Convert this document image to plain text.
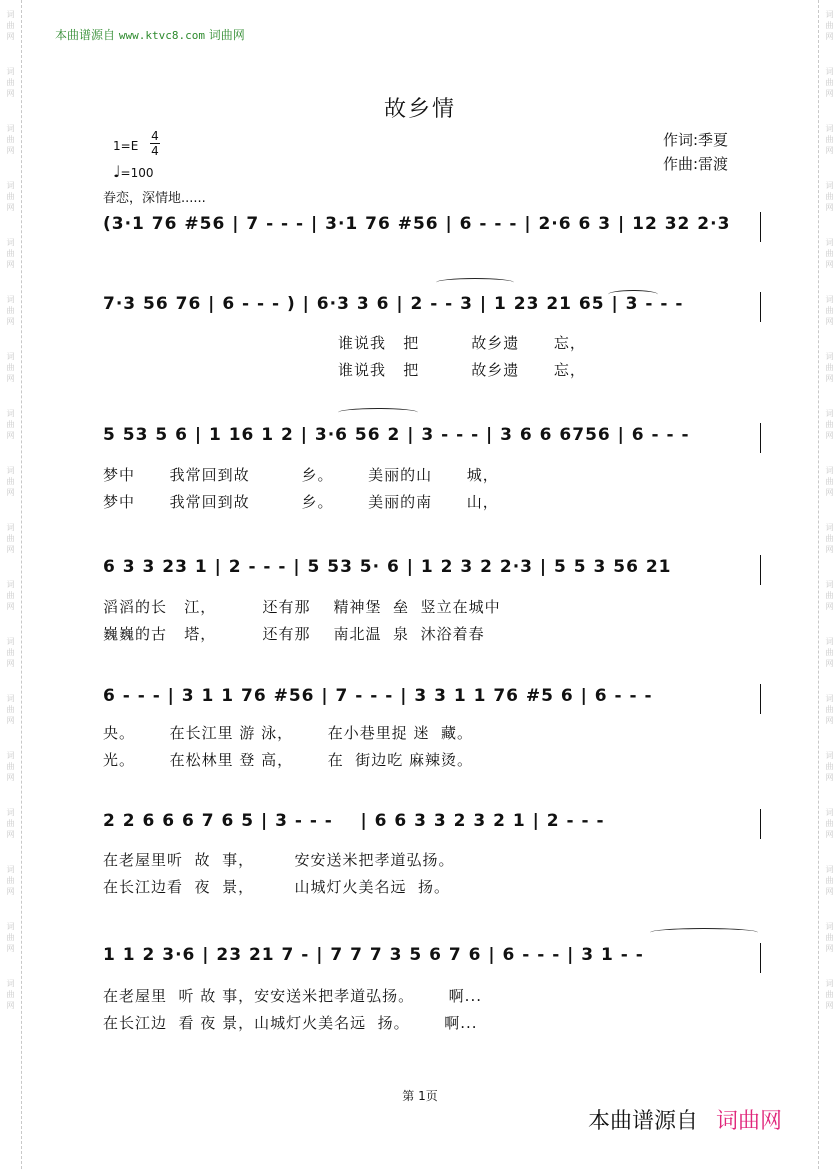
词
曲
网
词
曲
网
词
曲
网
词
曲
网
词
曲
网
词
曲
网
词
曲
网
词
曲
网
词
曲
网
词
曲
网
词
曲
网
词
曲
网
词
曲
网
词
曲
网
词
曲
网
词
曲
网
词
曲
网
词
曲
网
词
曲
网
词
曲
网
词
曲
网
词
曲
网
词
曲
网
词
曲
网
词
曲
网
词
曲
网
词
曲
网
词
曲
网
词
曲
网
词
曲
网
词
曲
网
词
曲
网
词
曲
网
词
曲
网
词
曲
网
词
曲
网
本曲谱源自 www.ktvc8.com 词曲网
故乡情
1=E
4
4
♩=100
作词:季夏
作曲:雷渡
眷恋，深情地......
(3·1 76 #56 | 7 - - - | 3·1 76 #56 | 6 - - - | 2·6 6 3 | 12 32 2·3
7·3 56 76 | 6 - - - ) | 6·3 3 6 | 2 - - 3 | 1 23 21 65 | 3 - - -
谁说我   把         故乡遗      忘，
谁说我   把         故乡遗      忘，
5 53 5 6 | 1 16 1 2 | 3·6 56 2 | 3 - - - | 3 6 6 6756 | 6 - - -
梦中      我常回到故         乡。      美丽的山      城，
梦中      我常回到故         乡。      美丽的南      山，
6 3 3 23 1 | 2 - - - | 5 53 5· 6 | 1 2 3 2 2·3 | 5 5 3 56 21
滔滔的长   江，        还有那    精神堡  垒  竖立在城中
巍巍的古   塔，        还有那    南北温  泉  沐浴着春
6 - - - | 3 1 1 76 #56 | 7 - - - | 3 3 1 1 76 #5 6 | 6 - - -
央。      在长江里 游 泳，      在小巷里捉 迷  藏。
光。      在松林里 登 高，      在  街边吃 麻辣烫。
2 2 6 6 6 7 6 5 | 3 - - -    | 6 6 3 3 2 3 2 1 | 2 - - -
在老屋里听  故  事，       安安送米把孝道弘扬。
在长江边看  夜  景，       山城灯火美名远  扬。
1 1 2 3·6 | 23 21 7 - | 7 7 7 3 5 6 7 6 | 6 - - - | 3 1 - -
在老屋里  听 故 事，安安送米把孝道弘扬。      啊...
在长江边  看 夜 景，山城灯火美名远  扬。      啊...
第 1页
本曲谱源自 词曲网
